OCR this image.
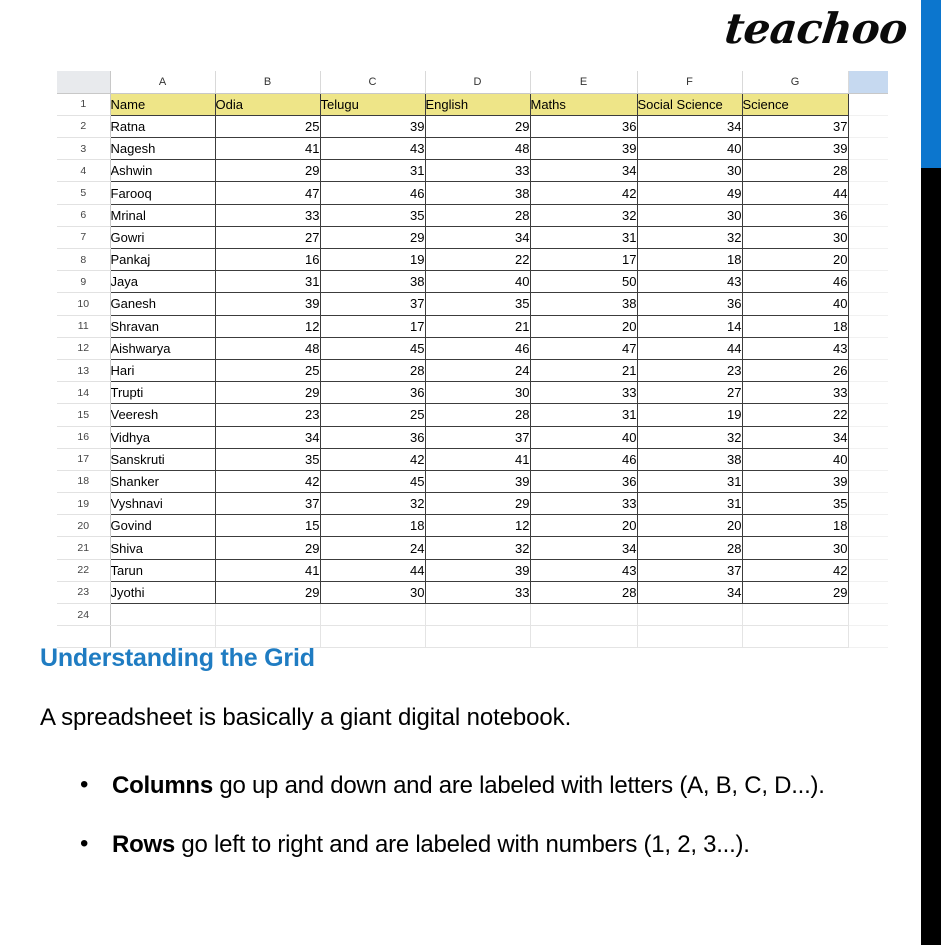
teachoo
	A	B	C	D	E	F	G	
1	Name	Odia	Telugu	English	Maths	Social Science	Science	
2	Ratna	25	39	29	36	34	37	
3	Nagesh	41	43	48	39	40	39	
4	Ashwin	29	31	33	34	30	28	
5	Farooq	47	46	38	42	49	44	
6	Mrinal	33	35	28	32	30	36	
7	Gowri	27	29	34	31	32	30	
8	Pankaj	16	19	22	17	18	20	
9	Jaya	31	38	40	50	43	46	
10	Ganesh	39	37	35	38	36	40	
11	Shravan	12	17	21	20	14	18	
12	Aishwarya	48	45	46	47	44	43	
13	Hari	25	28	24	21	23	26	
14	Trupti	29	36	30	33	27	33	
15	Veeresh	23	25	28	31	19	22	
16	Vidhya	34	36	37	40	32	34	
17	Sanskruti	35	42	41	46	38	40	
18	Shanker	42	45	39	36	31	39	
19	Vyshnavi	37	32	29	33	31	35	
20	Govind	15	18	12	20	20	18	
21	Shiva	29	24	32	34	28	30	
22	Tarun	41	44	39	43	37	42	
23	Jyothi	29	30	33	28	34	29	
24								

Understanding the Grid
A spreadsheet is basically a giant digital notebook.
• Columns go up and down and are labeled with letters (A, B, C, D...).
• Rows go left to right and are labeled with numbers (1, 2, 3...).
